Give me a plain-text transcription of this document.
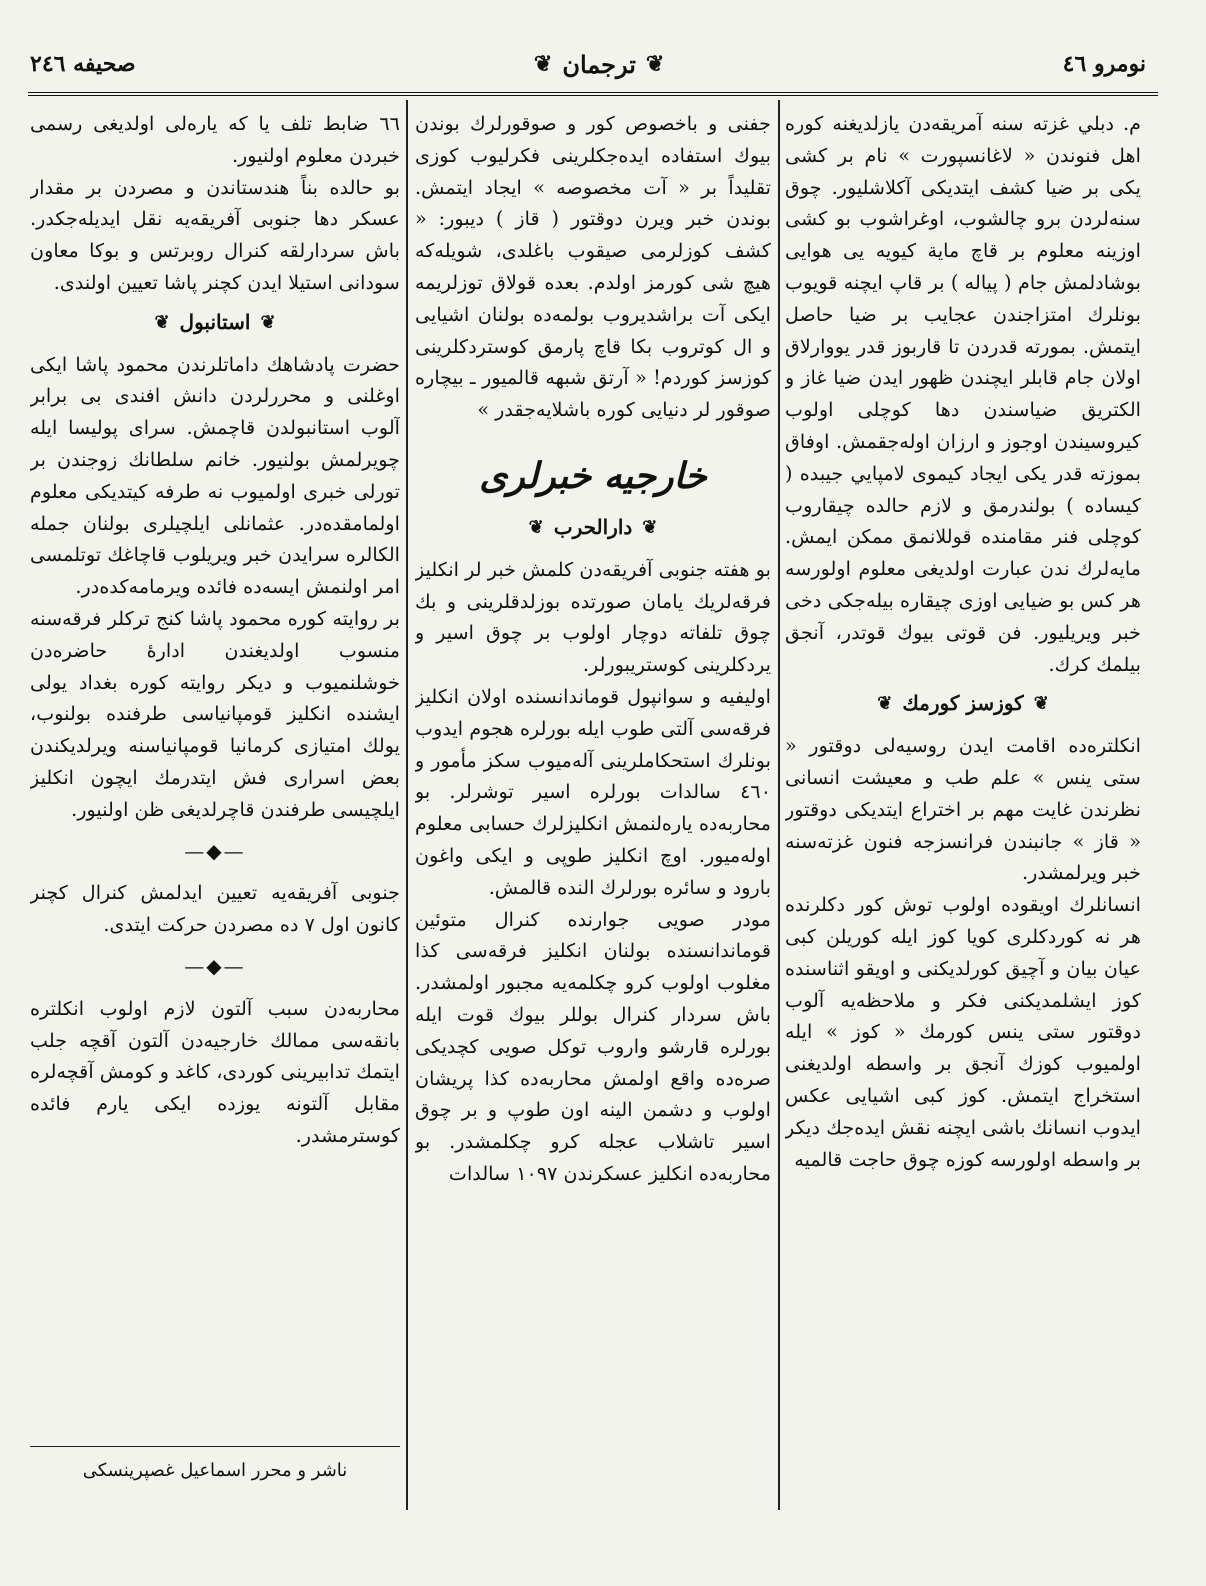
نومرو ٤٦
❦
ترجمان
❦
صحيفه ٢٤٦

م. دبلي غزته سنه آمريقه‌دن يازلديغنه كوره اهل فنوندن « لاغانسپورت » نام بر كشى يكى بر ضيا كشف ايتديكى آكلاشليور. چوق سنه‌لردن برو چالشوب، اوغراشوب بو كشى اوزينه معلوم بر قاچ ماية كيويه يى هوايى بوشادلمش جام ( پياله ) بر قاپ ايچنه قويوب بونلرك امتزاجندن عجايب بر ضيا حاصل ايتمش. بمورته قدردن تا قاربوز قدر يووارلاق اولان جام قابلر ايچندن ظهور ايدن ضيا غاز و الكتريق ضياسندن دها كوچلى اولوب كيروسيندن اوجوز و ارزان اوله‌جقمش. اوفاق بموزته قدر يكى ايجاد كيموى لامپايي جيبده ( كيساده ) بولندرمق و لازم حالده چيقاروب كوچلى فنر مقامنده قوللانمق ممكن ايمش. مايه‌لرك ندن عبارت اولديغى معلوم اولورسه هر كس بو ضيايى اوزى چيقاره بيله‌جكى دخى خبر ويريليور. فن قوتى بيوك قوتدر، آنجق بيلمك كرك.

❦
كوزسز كورمك
❦

انكلتره‌ده اقامت ايدن روسيه‌لى دوقتور « ستى ينس » علم طب و معيشت انسانى نظرندن غايت مهم بر اختراع ايتديكى دوقتور « قاز » جانبندن فرانسزجه فنون غزته‌سنه خبر ويرلمشدر.

انسانلرك اويقوده اولوب توش كور دكلرنده هر نه كوردكلرى كويا كوز ايله كوريلن كبى عيان بيان و آچيق كورلديكنى و اويقو اثناسنده كوز ايشلمديكنى فكر و ملاحظه‌يه آلوب دوقتور ستى ينس كورمك « كوز » ايله اولميوب كوزك آنجق بر واسطه اولديغنى استخراج ايتمش. كوز كبى اشيايى عكس ايدوب انسانك باشى ايچنه نقش ايده‌جك ديكر بر واسطه اولورسه كوزه چوق حاجت قالميه

جفنى و باخصوص كور و صوقورلرك بوندن بيوك استفاده ايده‌جكلرينى فكرليوب كوزى تقليداً بر « آت مخصوصه » ايجاد ايتمش. بوندن خبر ويرن دوقتور ( قاز ) ديبور: « كشف كوزلرمى صيقوب باغلدى، شويله‌كه هيچ شى كورمز اولدم. بعده قولاق توزلريمه ايكى آت براشديروب بولمه‌ده بولنان اشيايى و ال كوتروب بكا قاچ پارمق كوستردكلرينى كوزسز كوردم! « آرتق شبهه قالميور ـ بيچاره صوقور لر دنيايى كوره باشلايه‌جقدر »

خارجيه خبرلرى
❦
دارالحرب
❦

بو هفته جنوبى آفريقه‌دن كلمش خبر لر انكليز فرقه‌لريك يامان صورتده بوزلدقلرينى و بك چوق تلفاته دوچار اولوب بر چوق اسير و يردكلرينى كوستريبورلر.

اوليفيه و سوانپول قوماندانسنده اولان انكليز فرقه‌سى آلتى طوب ايله بورلره هجوم ايدوب بونلرك استحكاملرينى آله‌ميوب سكز مأمور و ٤٦٠ سالدات بورلره اسير توشرلر. بو محاربه‌ده يارەلنمش انكليزلرك حسابى معلوم اوله‌ميور. اوچ انكليز طوپى و ايكى واغون بارود و سائره بورلرك النده قالمش.

مودر صويى جوارنده كنرال متوئين قوماندانسنده بولنان انكليز فرقه‌سى كذا مغلوب اولوب كرو چكلمه‌يه مجبور اولمشدر. باش سردار كنرال بوللر بيوك قوت ايله بورلره قارشو واروب توكل صويى كچديكى صره‌ده واقع اولمش محاربه‌ده كذا پريشان اولوب و دشمن الينه اون طوپ و بر چوق اسير تاشلاب عجله كرو چكلمشدر. بو محاربه‌ده انكليز عسكرندن ١٠٩٧ سالدات

٦٦ ضابط تلف يا كه ياره‌لى اولديغى رسمى خبردن معلوم اولنيور.

بو حالده بناً هندستاندن و مصردن بر مقدار عسكر دها جنوبى آفريقه‌يه نقل ايديله‌جكدر. باش سردارلقه كنرال روبرتس و بوكا معاون سودانى استيلا ايدن كچنر پاشا تعيين اولندى.

❦
استانبول
❦

حضرت پادشاهك داماتلرندن محمود پاشا ايكى اوغلنى و محررلردن دانش افندى بى برابر آلوب استانبولدن قاچمش. سراى پوليسا ايله چويرلمش بولنيور. خانم سلطانك زوجندن بر تورلى خبرى اولميوب نه طرفه كيتديكى معلوم اولمامقده‌در. عثمانلى ايلچيلرى بولنان جمله الكالره سرايدن خبر ويريلوب قاچاغك توتلمسى امر اولنمش ايسه‌ده فائده ويرمامه‌كده‌در.

بر روايته كوره محمود پاشا كنج تركلر فرقه‌سنه منسوب اولديغندن ادارۀ حاضره‌دن خوشلنميوب و ديكر روايته كوره بغداد يولى ايشنده انكليز قومپانياسى طرفنده بولنوب، يولك امتيازى كرمانيا قومپانياسنه ويرلديكندن بعض اسرارى فش ايتدرمك ايچون انكليز ايلچيسى طرفندن قاچرلديغى ظن اولنيور.

—◆—

جنوبى آفريقه‌يه تعيين ايدلمش كنرال كچنر كانون اول ٧ ده مصردن حركت ايتدى.

—◆—

محاربه‌دن سبب آلتون لازم اولوب انكلتره بانقه‌سى ممالك خارجيه‌دن آلتون آقچه جلب ايتمك تدابيرينى كوردى، كاغد و كومش آقچه‌لره مقابل آلتونه يوزده ايكى يارم فائده كوسترمشدر.

ناشر و محرر اسماعيل غصپرينسكى
